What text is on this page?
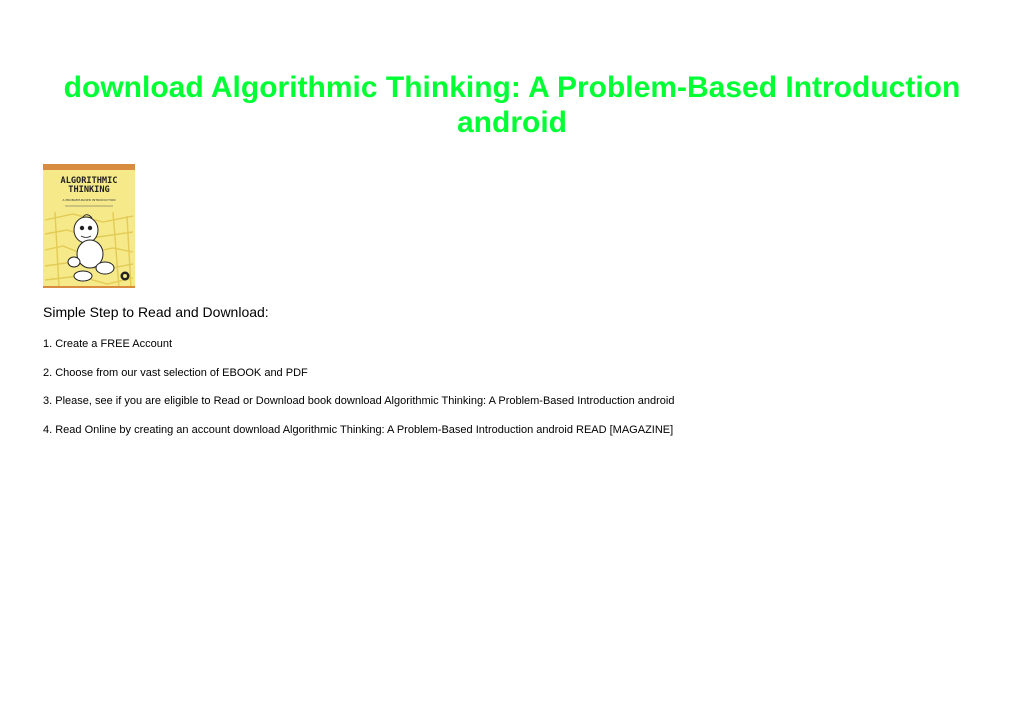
download Algorithmic Thinking: A Problem-Based Introduction android
ALGORITHMIC
THINKING
A PROBLEM-BASED INTRODUCTION

Simple Step to Read and Download:

1. Create a FREE Account
2. Choose from our vast selection of EBOOK and PDF
3. Please, see if you are eligible to Read or Download book download Algorithmic Thinking: A Problem-Based Introduction android
4. Read Online by creating an account download Algorithmic Thinking: A Problem-Based Introduction android READ [MAGAZINE]
